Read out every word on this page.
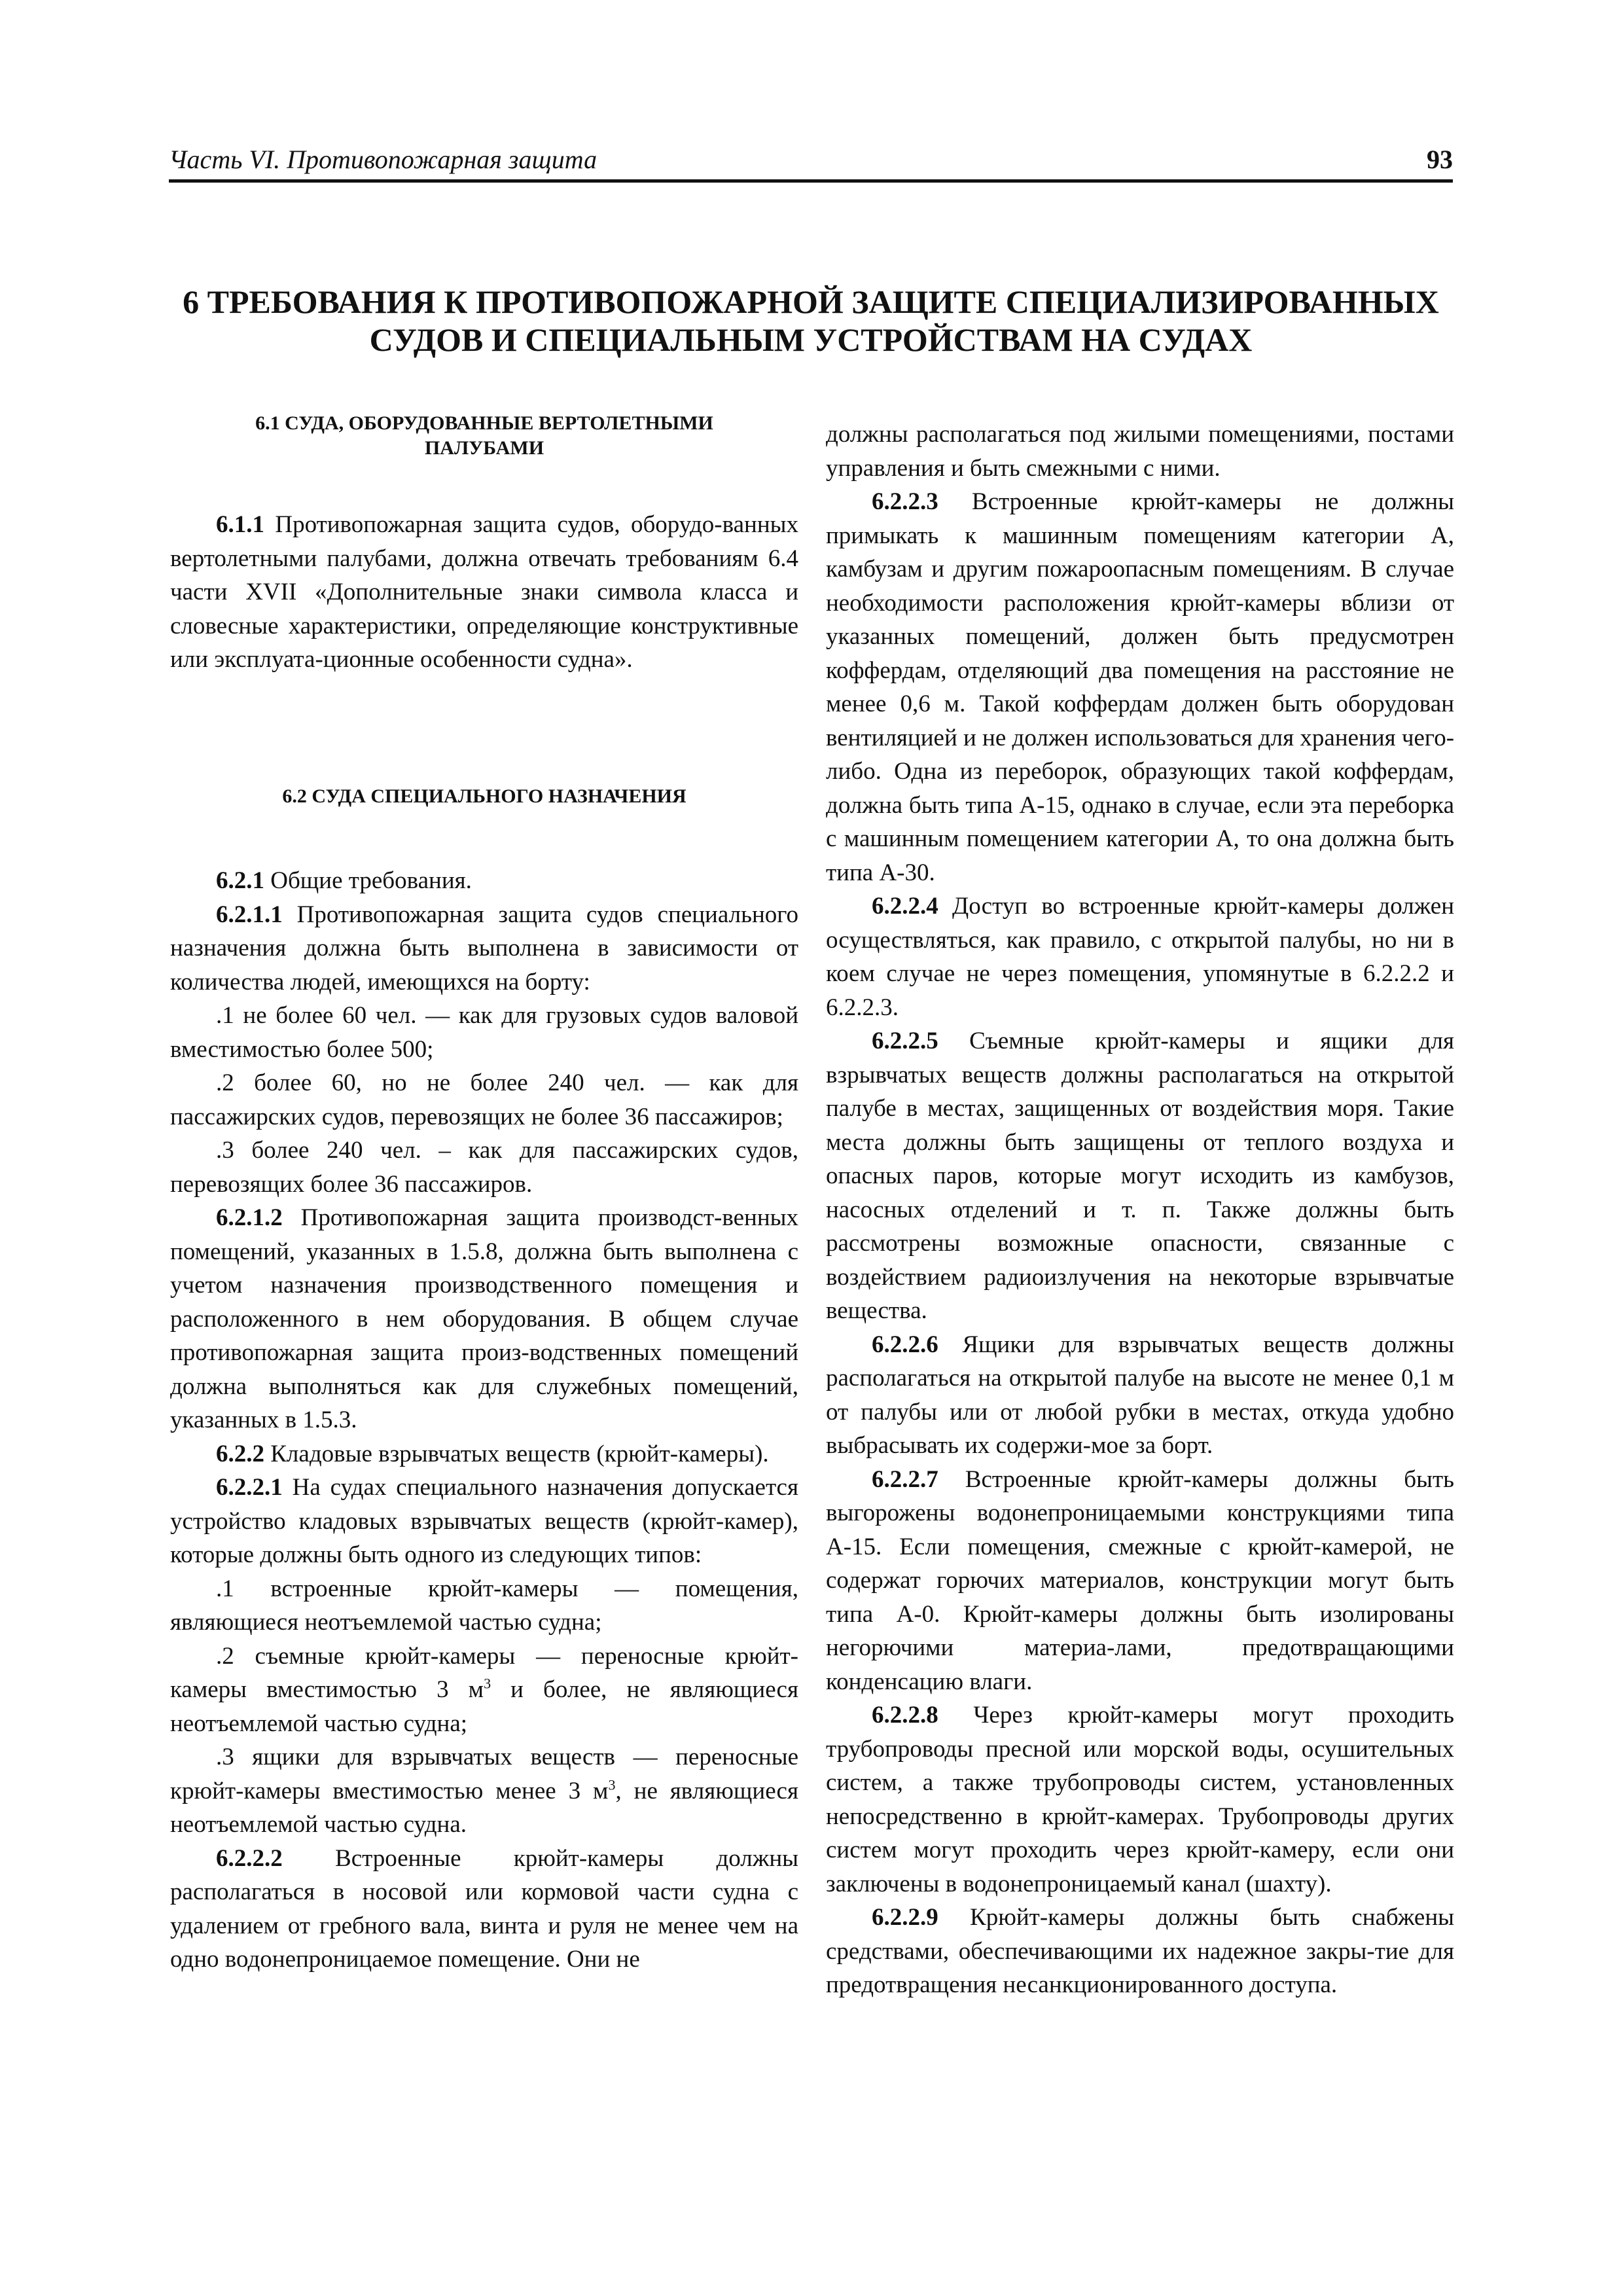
Часть VI. Противопожарная защита	93
6 ТРЕБОВАНИЯ К ПРОТИВОПОЖАРНОЙ ЗАЩИТЕ СПЕЦИАЛИЗИРОВАННЫХ
СУДОВ И СПЕЦИАЛЬНЫМ УСТРОЙСТВАМ НА СУДАХ
6.1 СУДА, ОБОРУДОВАННЫЕ ВЕРТОЛЕТНЫМИ
ПАЛУБАМИ

6.1.1 Противопожарная защита судов, оборудо-ванных вертолетными палубами, должна отвечать требованиям 6.4 части XVII «Дополнительные знаки символа класса и словесные характеристики, определяющие конструктивные или эксплуата-ционные особенности судна».

6.2 СУДА СПЕЦИАЛЬНОГО НАЗНАЧЕНИЯ

6.2.1 Общие требования.

6.2.1.1 Противопожарная защита судов специального назначения должна быть выполнена в зависимости от количества людей, имеющихся на борту:

.1 не более 60 чел. — как для грузовых судов валовой вместимостью более 500;

.2 более 60, но не более 240 чел. — как для пассажирских судов, перевозящих не более 36 пассажиров;

.3 более 240 чел. – как для пассажирских судов, перевозящих более 36 пассажиров.

6.2.1.2 Противопожарная защита производст-венных помещений, указанных в 1.5.8, должна быть выполнена с учетом назначения производственного помещения и расположенного в нем оборудования. В общем случае противопожарная защита произ-водственных помещений должна выполняться как для служебных помещений, указанных в 1.5.3.

6.2.2 Кладовые взрывчатых веществ (крюйт-камеры).

6.2.2.1 На судах специального назначения допускается устройство кладовых взрывчатых веществ (крюйт-камер), которые должны быть одного из следующих типов:

.1 встроенные крюйт-камеры — помещения, являющиеся неотъемлемой частью судна;

.2 съемные крюйт-камеры — переносные крюйт-камеры вместимостью 3 $м^3$ и более, не являющиеся неотъемлемой частью судна;

.3 ящики для взрывчатых веществ — переносные крюйт-камеры вместимостью менее 3 $м^3$, не являющиеся неотъемлемой частью судна.

6.2.2.2 Встроенные крюйт-камеры должны располагаться в носовой или кормовой части судна с удалением от гребного вала, винта и руля не менее чем на одно водонепроницаемое помещение. Они не

должны располагаться под жилыми помещениями, постами управления и быть смежными с ними.

6.2.2.3 Встроенные крюйт-камеры не должны примыкать к машинным помещениям категории А, камбузам и другим пожароопасным помещениям. В случае необходимости расположения крюйт-камеры вблизи от указанных помещений, должен быть предусмотрен коффердам, отделяющий два помещения на расстояние не менее 0,6 м. Такой коффердам должен быть оборудован вентиляцией и не должен использоваться для хранения чего-либо. Одна из переборок, образующих такой коффердам, должна быть типа А-15, однако в случае, если эта переборка с машинным помещением категории А, то она должна быть типа А-30.

6.2.2.4 Доступ во встроенные крюйт-камеры должен осуществляться, как правило, с открытой палубы, но ни в коем случае не через помещения, упомянутые в 6.2.2.2 и 6.2.2.3.

6.2.2.5 Съемные крюйт-камеры и ящики для взрывчатых веществ должны располагаться на открытой палубе в местах, защищенных от воздействия моря. Такие места должны быть защищены от теплого воздуха и опасных паров, которые могут исходить из камбузов, насосных отделений и т. п. Также должны быть рассмотрены возможные опасности, связанные с воздействием радиоизлучения на некоторые взрывчатые вещества.

6.2.2.6 Ящики для взрывчатых веществ должны располагаться на открытой палубе на высоте не менее 0,1 м от палубы или от любой рубки в местах, откуда удобно выбрасывать их содержи-мое за борт.

6.2.2.7 Встроенные крюйт-камеры должны быть выгорожены водонепроницаемыми конструкциями типа А-15. Если помещения, смежные с крюйт-камерой, не содержат горючих материалов, конструкции могут быть типа А-0. Крюйт-камеры должны быть изолированы негорючими материа-лами, предотвращающими конденсацию влаги.

6.2.2.8 Через крюйт-камеры могут проходить трубопроводы пресной или морской воды, осушительных систем, а также трубопроводы систем, установленных непосредственно в крюйт-камерах. Трубопроводы других систем могут проходить через крюйт-камеру, если они заключены в водонепроницаемый канал (шахту).

6.2.2.9 Крюйт-камеры должны быть снабжены средствами, обеспечивающими их надежное закры-тие для предотвращения несанкционированного доступа.
